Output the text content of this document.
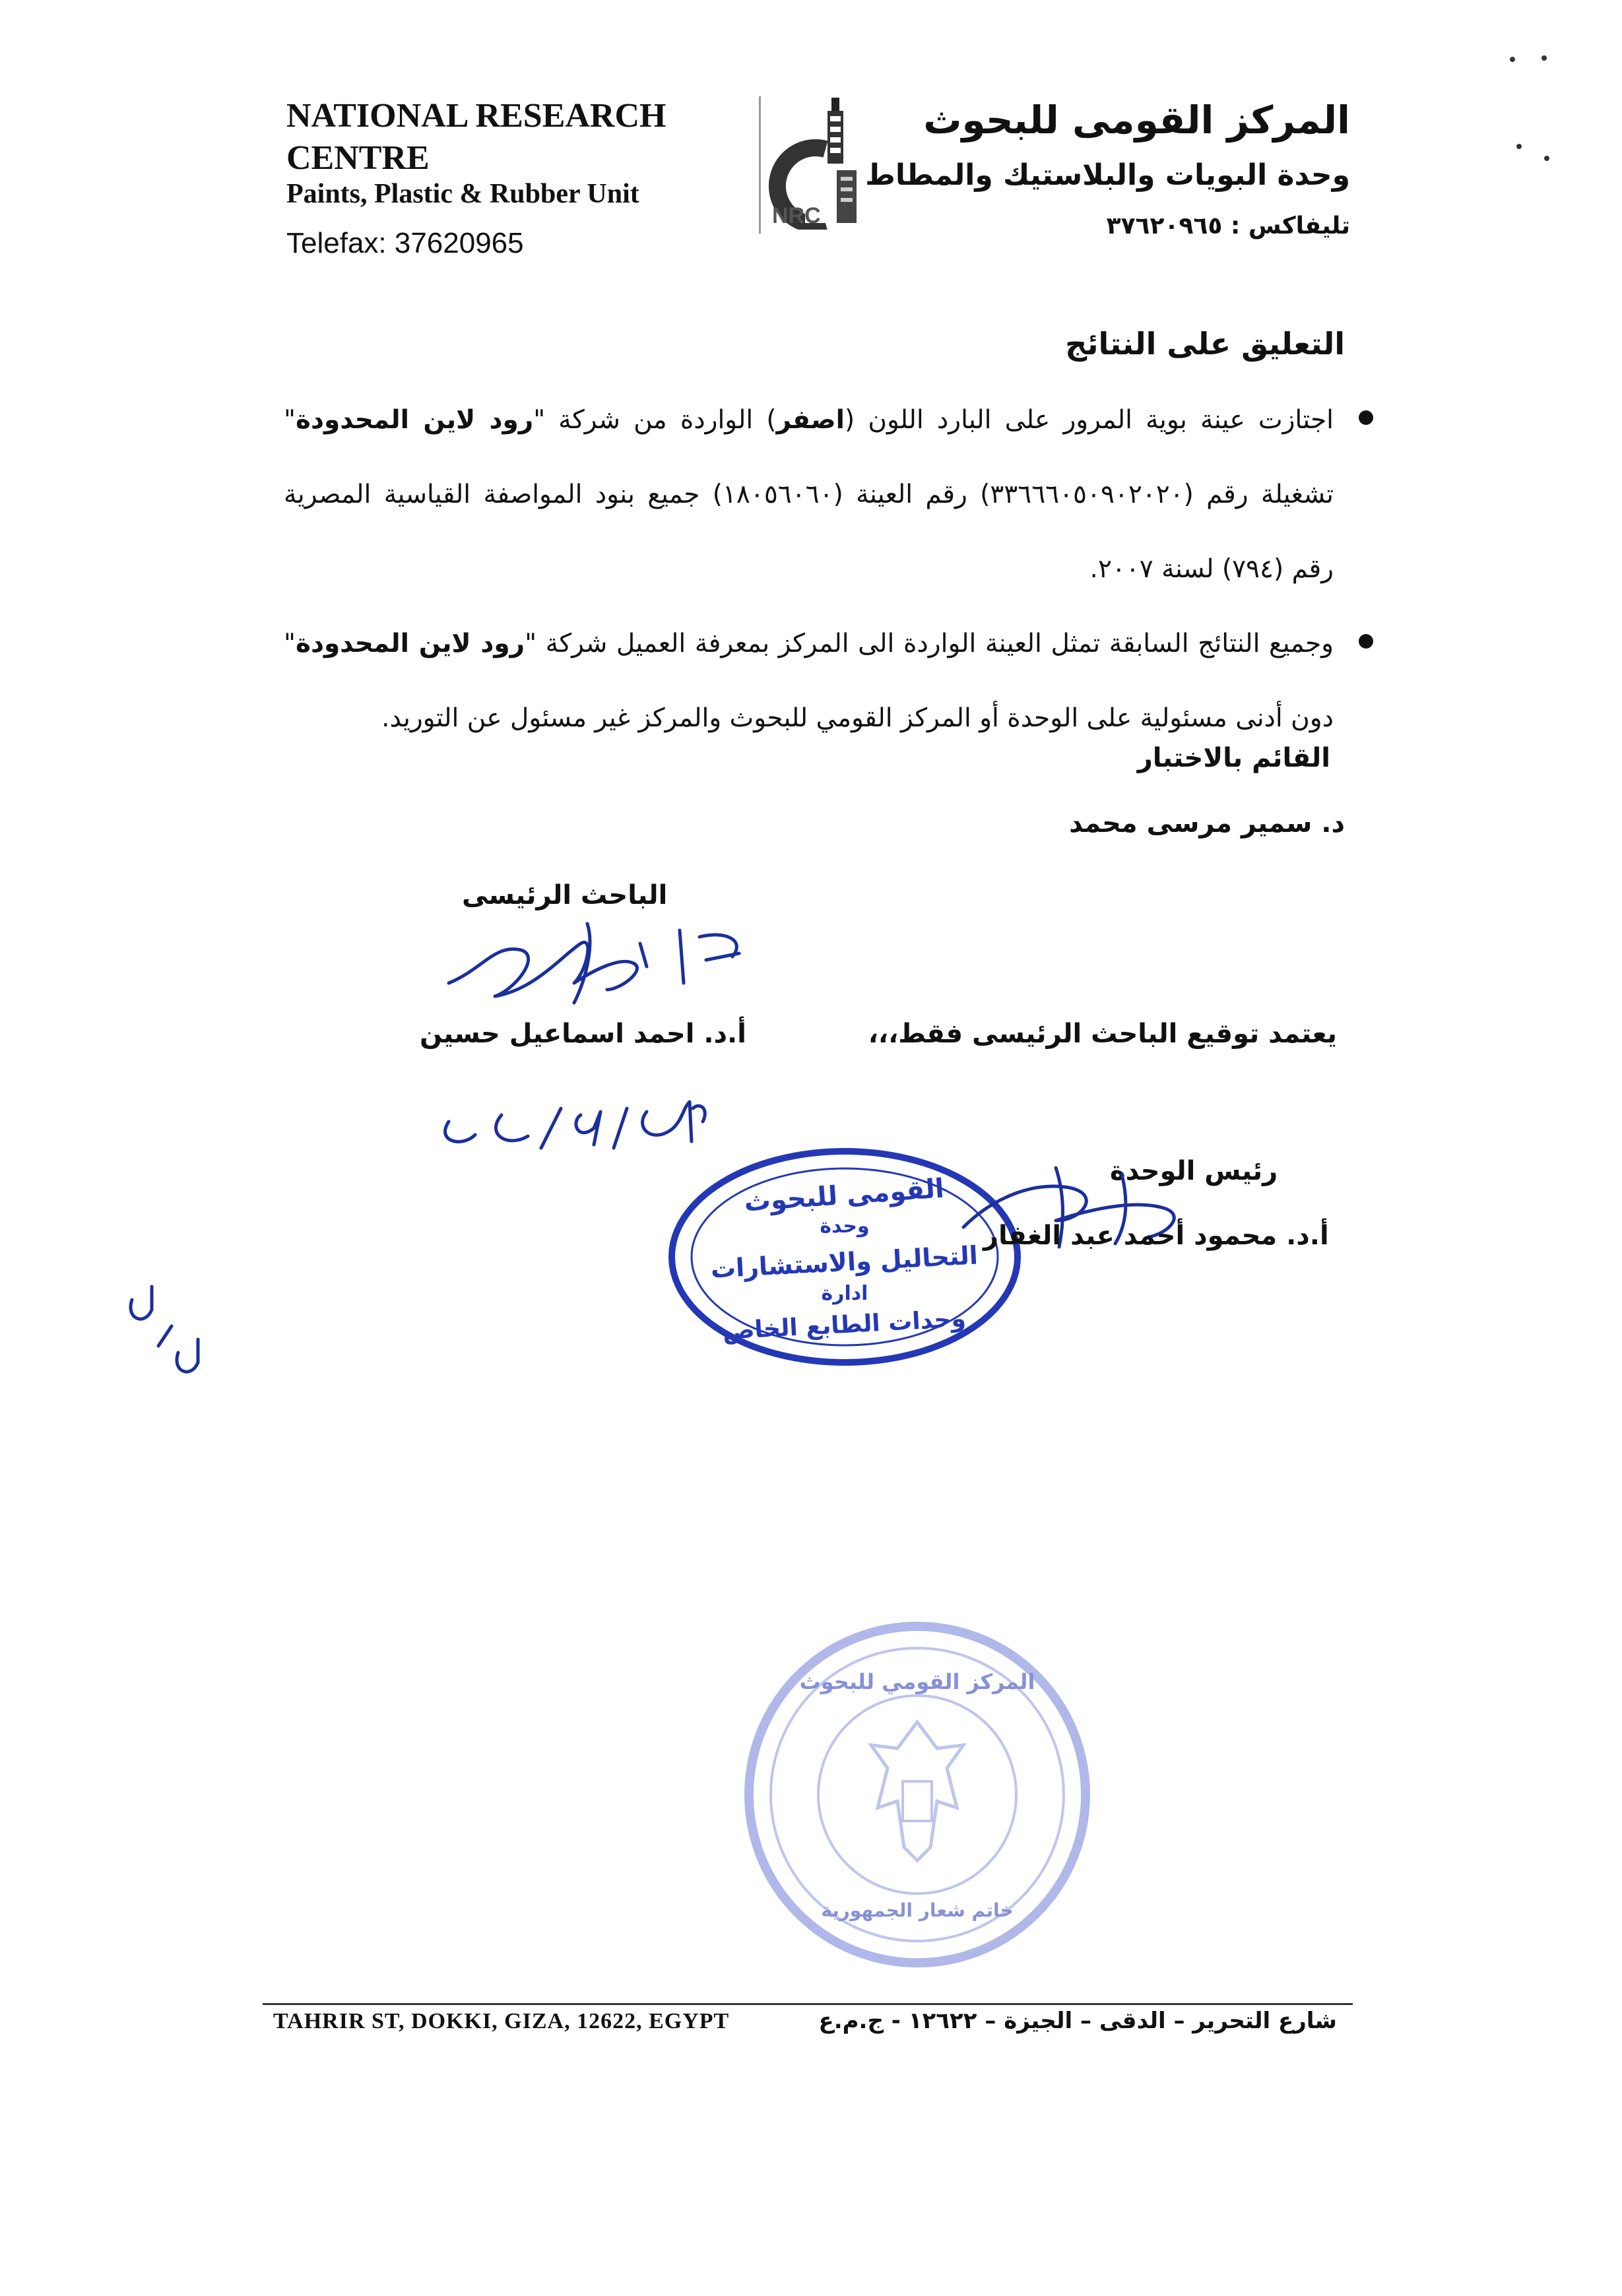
NATIONAL RESEARCH
CENTRE
Paints, Plastic & Rubber Unit
Telefax: 37620965
NRC
المركز القومى للبحوث
وحدة البويات والبلاستيك والمطاط
تليفاكس : ٣٧٦٢٠٩٦٥
التعليق على النتائج
اجتازت عينة بوية المرور على البارد اللون (اصفر) الواردة من شركة "رود لاين المحدودة" تشغيلة رقم (٣٣٦٦٦٠٥٠٩٠٢٠٢٠) رقم العينة (١٨٠٥٦٠٦٠) جميع بنود المواصفة القياسية المصرية رقم (٧٩٤) لسنة ٢٠٠٧.
وجميع النتائج السابقة تمثل العينة الواردة الى المركز بمعرفة العميل شركة "رود لاين المحدودة" دون أدنى مسئولية على الوحدة أو المركز القومي للبحوث والمركز غير مسئول عن التوريد.
القائم بالاختبار
د. سمير مرسى محمد
الباحث الرئيسى
أ.د. احمد اسماعيل حسين	يعتمد توقيع الباحث الرئيسى فقط،،،
٢٠٢٠/٩/٢٨
٢/٢
القومى للبحوث
وحدة
التحاليل والاستشارات
ادارة
وحدات الطابع الخاص
رئيس الوحدة
أ.د. محمود أحمد عبد الغفار
المركز القومي للبحوث
خاتم شعار الجمهورية
TAHRIR ST, DOKKI, GIZA, 12622, EGYPT	شارع التحرير – الدقى – الجيزة – ١٢٦٢٢ - ج.م.ع
